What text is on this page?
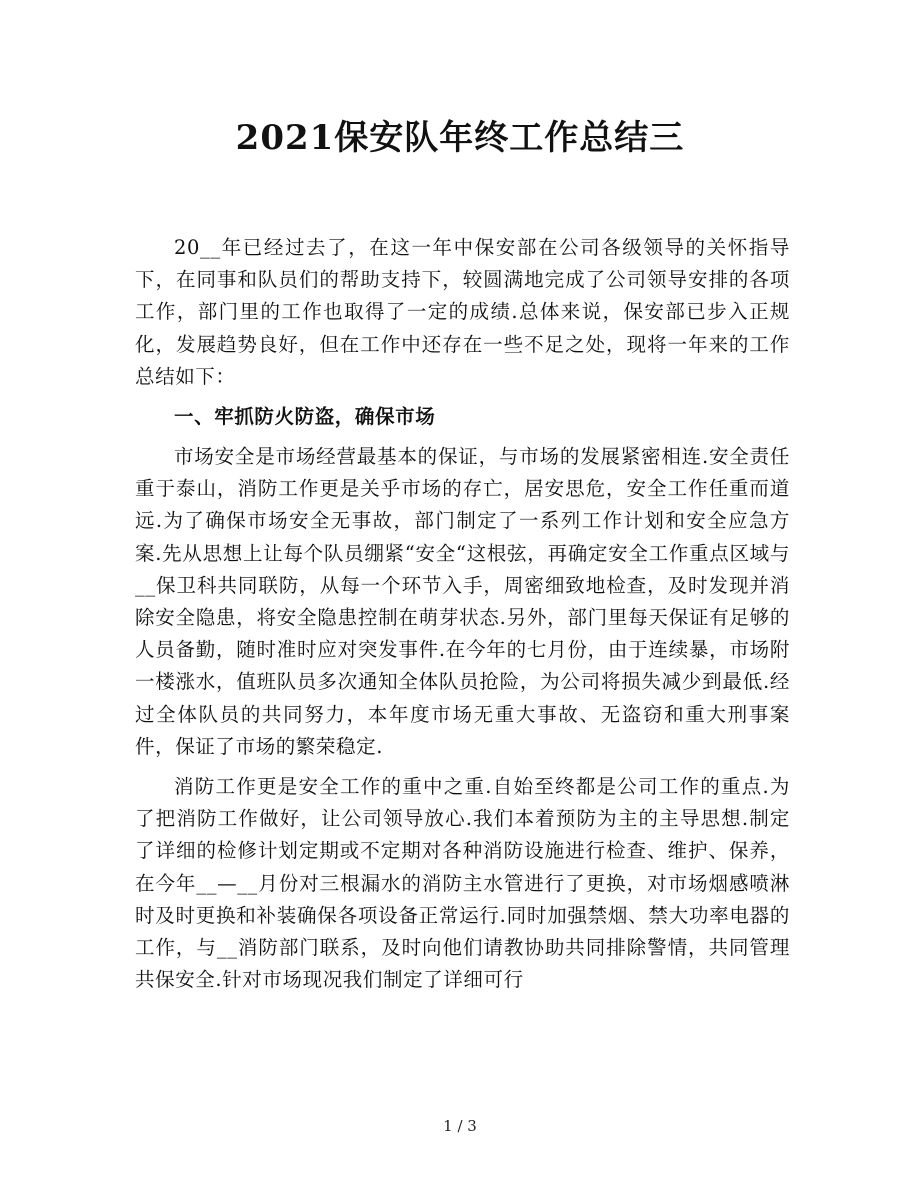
2021保安队年终工作总结三

20__年已经过去了，在这一年中保安部在公司各级领导的关怀指导下，在同事和队员们的帮助支持下，较圆满地完成了公司领导安排的各项工作，部门里的工作也取得了一定的成绩.总体来说，保安部已步入正规化，发展趋势良好，但在工作中还存在一些不足之处，现将一年来的工作总结如下：

一、牢抓防火防盗，确保市场

市场安全是市场经营最基本的保证，与市场的发展紧密相连.安全责任重于泰山，消防工作更是关乎市场的存亡，居安思危，安全工作任重而道远.为了确保市场安全无事故，部门制定了一系列工作计划和安全应急方案.先从思想上让每个队员绷紧“安全“这根弦，再确定安全工作重点区域与__保卫科共同联防，从每一个环节入手，周密细致地检查，及时发现并消除安全隐患，将安全隐患控制在萌芽状态.另外，部门里每天保证有足够的人员备勤，随时准时应对突发事件.在今年的七月份，由于连续暴，市场附一楼涨水，值班队员多次通知全体队员抢险，为公司将损失减少到最低.经过全体队员的共同努力，本年度市场无重大事故、无盗窃和重大刑事案件，保证了市场的繁荣稳定.

消防工作更是安全工作的重中之重.自始至终都是公司工作的重点.为了把消防工作做好，让公司领导放心.我们本着预防为主的主导思想.制定了详细的检修计划定期或不定期对各种消防设施进行检查、维护、保养，在今年__—__月份对三根漏水的消防主水管进行了更换，对市场烟感喷淋时及时更换和补装确保各项设备正常运行.同时加强禁烟、禁大功率电器的工作，与__消防部门联系，及时向他们请教协助共同排除警情，共同管理共保安全.针对市场现况我们制定了详细可行

1 / 3
